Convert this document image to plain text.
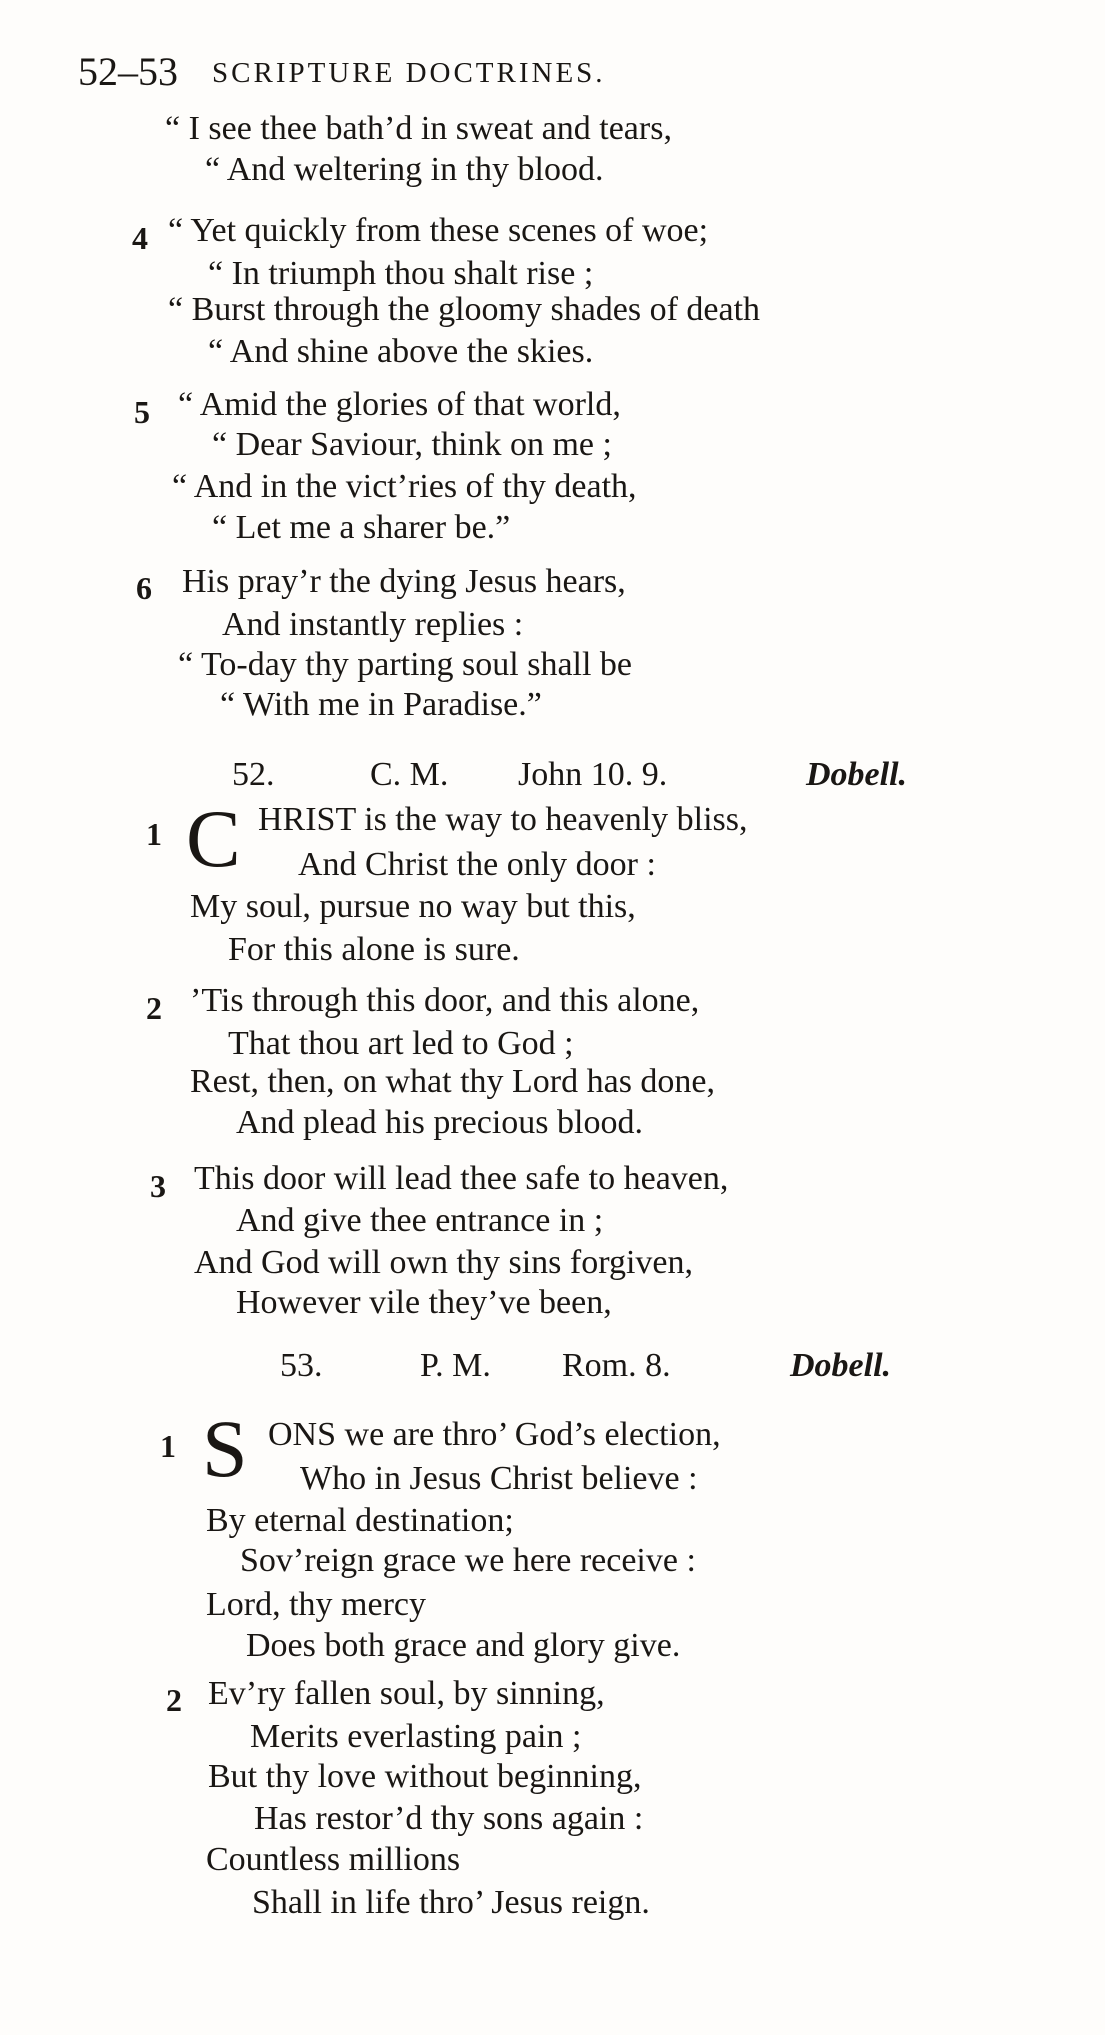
52–53 SCRIPTURE DOCTRINES.
“ I see thee bath’d in sweat and tears,
“ And weltering in thy blood.
4 “ Yet quickly from these scenes of woe;
“ In triumph thou shalt rise ;
“ Burst through the gloomy shades of death
“ And shine above the skies.
5 “ Amid the glories of that world,
“ Dear Saviour, think on me ;
“ And in the vict’ries of thy death,
“ Let me a sharer be.”
6 His pray’r the dying Jesus hears,
And instantly replies :
“ To-day thy parting soul shall be
“ With me in Paradise.”
52.	C. M. John 10. 9.	Dobell.
1 C HRIST is the way to heavenly bliss,
And Christ the only door :
My soul, pursue no way but this,
For this alone is sure.
2 ’Tis through this door, and this alone,
That thou art led to God ;
Rest, then, on what thy Lord has done,
And plead his precious blood.
3 This door will lead thee safe to heaven,
And give thee entrance in ;
And God will own thy sins forgiven,
However vile they’ve been,
53.	P. M. Rom. 8.	Dobell.
1 S ONS we are thro’ God’s election,
Who in Jesus Christ believe :
By eternal destination;
Sov’reign grace we here receive :
Lord, thy mercy
Does both grace and glory give.
2 Ev’ry fallen soul, by sinning,
Merits everlasting pain ;
But thy love without beginning,
Has restor’d thy sons again :
Countless millions
Shall in life thro’ Jesus reign.
